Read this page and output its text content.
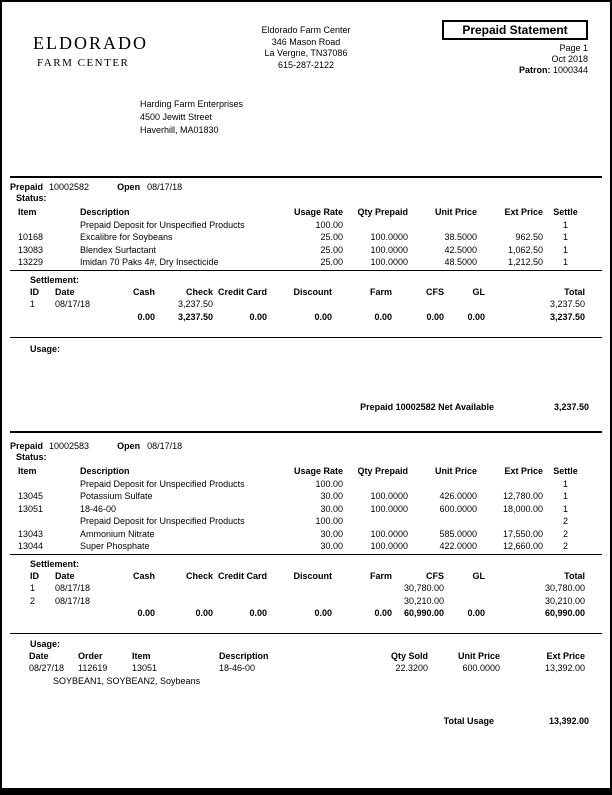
ELDORADO
FARM CENTER
Eldorado Farm Center
346 Mason Road
La Vergne, TN37086
615-287-2122
Prepaid Statement
Page 1
Oct 2018
Patron: 1000344
Harding Farm Enterprises
4500 Jewitt Street
Haverhill, MA01830
Prepaid 10002582	Open 08/17/18
Status:
Item	Description	Usage Rate	Qty Prepaid	Unit Price	Ext Price	Settle	
	Prepaid Deposit for Unspecified Products	100.00				1	
10168	Excalibre for Soybeans	25.00	100.0000	38.5000	962.50	1	
13083	Blendex Surfactant	25.00	100.0000	42.5000	1,062.50	1	
13229	Imidan 70 Paks 4#, Dry Insecticide	25.00	100.0000	48.5000	1,212.50	1	
Settlement:
ID	Date	Cash	Check	Credit Card	Discount	Farm	CFS	GL	Total	
1	08/17/18		3,237.50						3,237.50	
		0.00	3,237.50	0.00	0.00	0.00	0.00	0.00	3,237.50	
Usage:
Prepaid 10002582 Net Available	3,237.50
Prepaid 10002583	Open 08/17/18
Status:
Item	Description	Usage Rate	Qty Prepaid	Unit Price	Ext Price	Settle	
	Prepaid Deposit for Unspecified Products	100.00				1	
13045	Potassium Sulfate	30.00	100.0000	426.0000	12,780.00	1	
13051	18-46-00	30.00	100.0000	600.0000	18,000.00	1	
	Prepaid Deposit for Unspecified Products	100.00				2	
13043	Ammonium Nitrate	30.00	100.0000	585.0000	17,550.00	2	
13044	Super Phosphate	30.00	100.0000	422.0000	12,660.00	2	
Settlement:
ID	Date	Cash	Check	Credit Card	Discount	Farm	CFS	GL	Total	
1	08/17/18						30,780.00		30,780.00	
2	08/17/18						30,210.00		30,210.00	
		0.00	0.00	0.00	0.00	0.00	60,990.00	0.00	60,990.00	
Usage:
Date	Order	Item	Description	Qty Sold	Unit Price	Ext Price	
08/27/18	112619	13051	18-46-00	22.3200	600.0000	13,392.00	
SOYBEAN1, SOYBEAN2, Soybeans							
Total Usage	13,392.00
